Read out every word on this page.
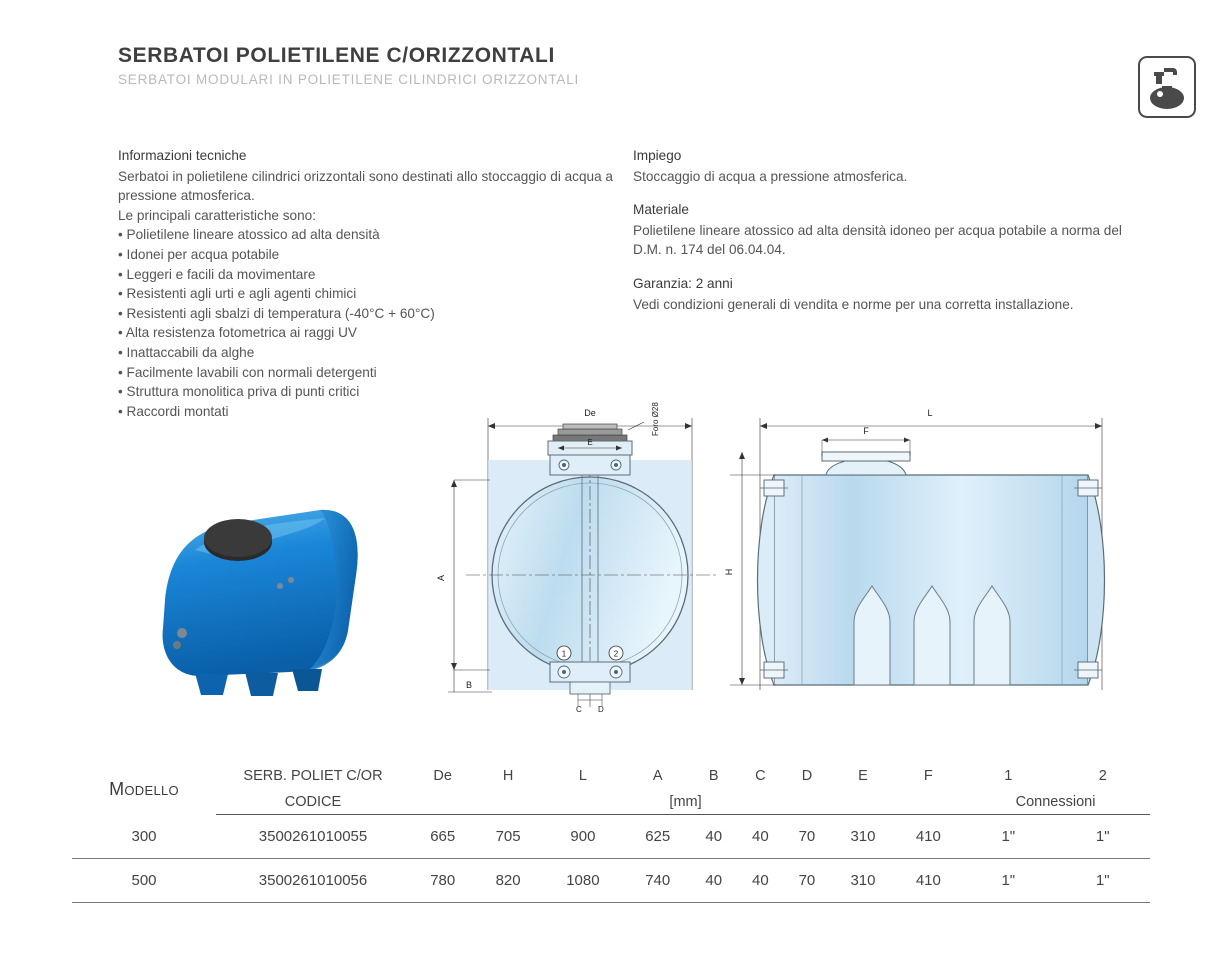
SERBATOI POLIETILENE C/ORIZZONTALI
SERBATOI MODULARI IN POLIETILENE CILINDRICI ORIZZONTALI
Informazioni tecniche
Serbatoi in polietilene cilindrici orizzontali sono destinati allo stoccaggio di acqua a pressione atmosferica.
Le principali caratteristiche sono:
• Polietilene lineare atossico ad alta densità
• Idonei per acqua potabile
• Leggeri e facili da movimentare
• Resistenti agli urti e agli agenti chimici
• Resistenti agli sbalzi di temperatura (-40°C + 60°C)
• Alta resistenza fotometrica ai raggi UV
• Inattaccabili da alghe
• Facilmente lavabili con normali detergenti
• Struttura monolitica priva di punti critici
• Raccordi montati
Impiego
Stoccaggio di acqua a pressione atmosferica.
Materiale
Polietilene lineare atossico ad alta densità idoneo per acqua potabile a norma del D.M. n. 174 del 06.04.04.
Garanzia: 2 anni
Vedi condizioni generali di vendita e norme per una corretta installazione.
1	2
De
E
Foro Ø28
A
B
C D
L
F
H
MODELLO	SERB. POLIET C/OR	De	H	L	A	B	C	D	E	F	1	2
	CODICE	[mm]									Connessioni	
300	3500261010055	665	705	900	625	40	40	70	310	410	1"	1"
500	3500261010056	780	820	1080	740	40	40	70	310	410	1"	1"
